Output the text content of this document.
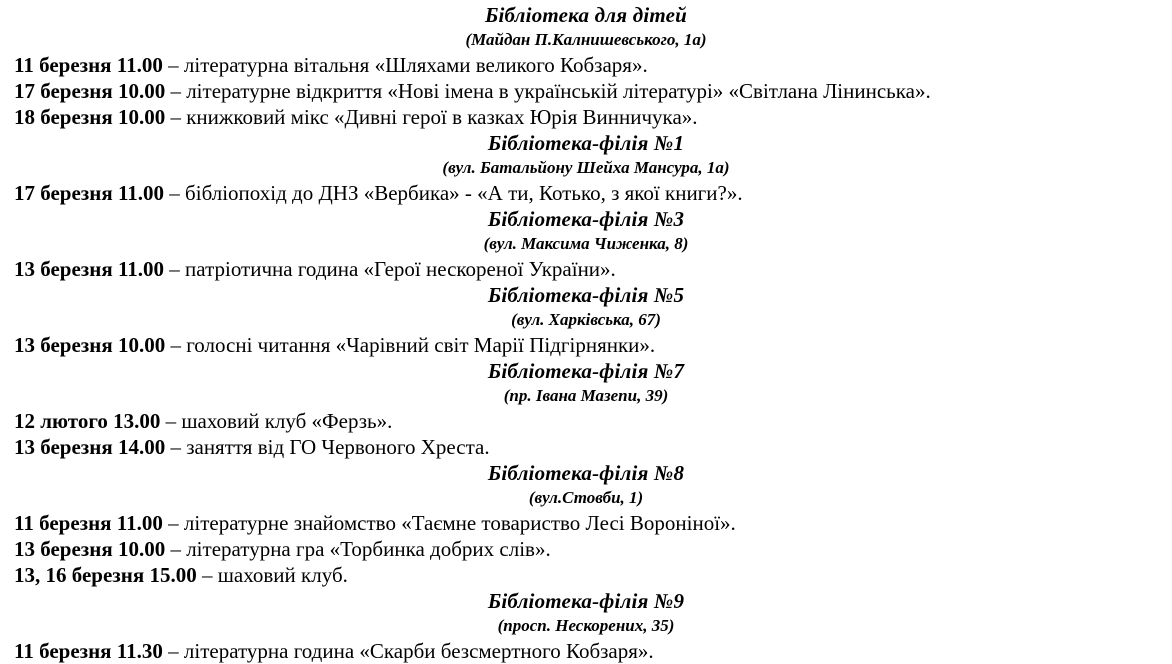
Бібліотека для дітей

(Майдан П.Калнишевського, 1а)

11 березня 11.00 – літературна вітальня «Шляхами великого Кобзаря».

17 березня 10.00 – літературне відкриття «Нові імена в українській літературі» «Світлана Лінинська».

18 березня 10.00 – книжковий мікс «Дивні герої в казках Юрія Винничука».

Бібліотека-філія №1

(вул. Батальйону Шейха Мансура, 1а)

17 березня 11.00 – бібліопохід до ДНЗ «Вербика» - «А ти, Котько, з якої книги?».

Бібліотека-філія №3

(вул. Максима Чиженка, 8)

13 березня 11.00 – патріотична година «Герої нескореної України».

Бібліотека-філія №5

(вул. Харківська, 67)

13 березня 10.00 – голосні читання «Чарівний світ Марії Підгірнянки».

Бібліотека-філія №7

(пр. Івана Мазепи, 39)

12 лютого 13.00 – шаховий клуб «Ферзь».

13 березня 14.00 – заняття від ГО Червоного Хреста.

Бібліотека-філія №8

(вул.Стовби, 1)

11 березня 11.00 – літературне знайомство «Таємне товариство Лесі Вороніної».

13 березня 10.00 – літературна гра «Торбинка добрих слів».

13, 16 березня 15.00 – шаховий клуб.

Бібліотека-філія №9

(просп. Нескорених, 35)

11 березня 11.30 – літературна година «Скарби безсмертного Кобзаря».
